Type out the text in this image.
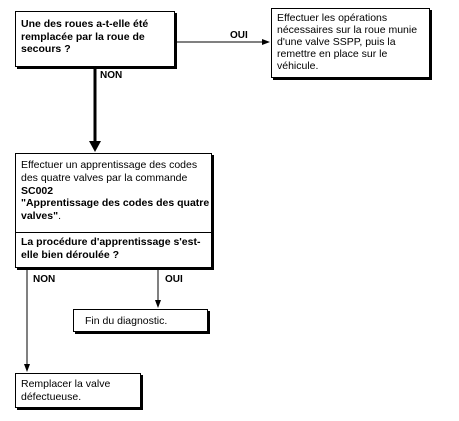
Une des roues a-t-elle été remplacée par la roue de secours ?
OUI
Effectuer les opérations nécessaires sur la roue munie d'une valve SSPP, puis la remettre en place sur le véhicule.
NON
Effectuer un apprentissage des codes des quatre valves par la commande SC002
"Apprentissage des codes des quatre valves".
La procédure d'apprentissage s'est-elle bien déroulée ?
NON	OUI
Fin du diagnostic.
Remplacer la valve défectueuse.
